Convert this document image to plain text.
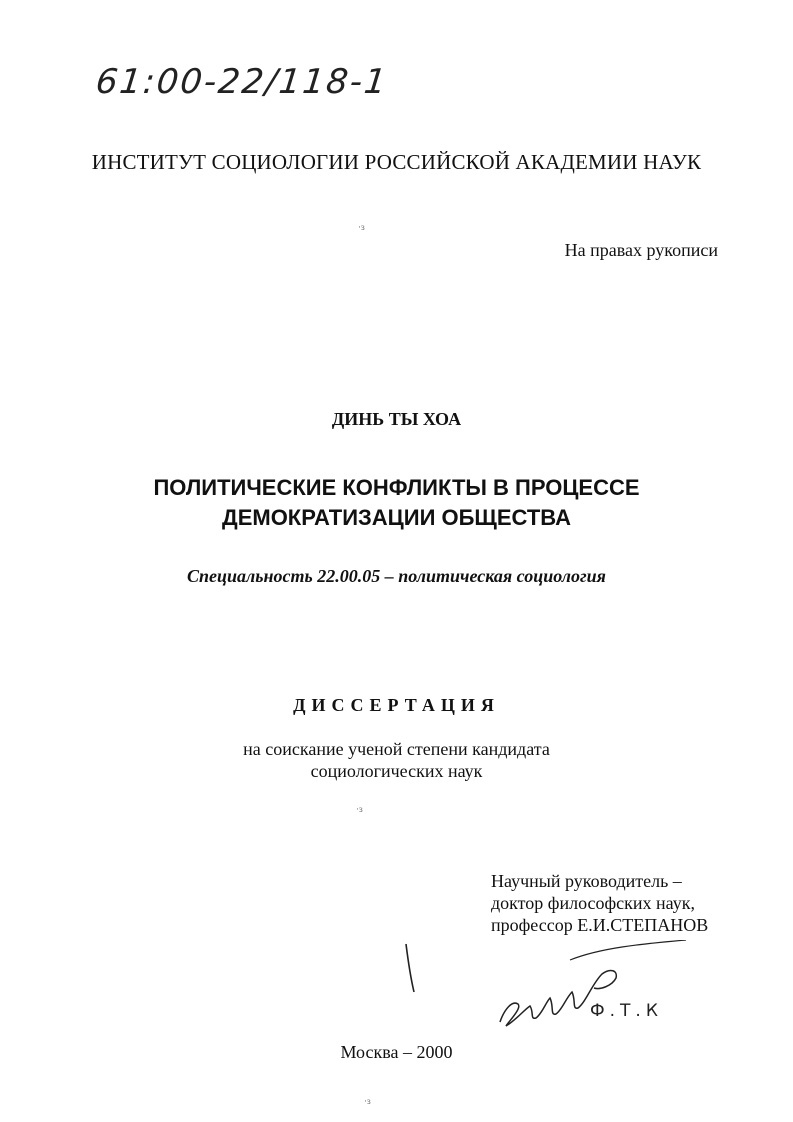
61:00-22/118-1
ИНСТИТУТ СОЦИОЛОГИИ РОССИЙСКОЙ АКАДЕМИИ НАУК
·ɜ
На правах рукописи
ДИНЬ ТЫ ХОА
ПОЛИТИЧЕСКИЕ КОНФЛИКТЫ В ПРОЦЕССЕ
ДЕМОКРАТИЗАЦИИ ОБЩЕСТВА
Специальность 22.00.05 – политическая социология
ДИССЕРТАЦИЯ
на соискание ученой степени кандидата
социологических наук
·ɜ
Научный руководитель –
доктор философских наук,
профессор Е.И.СТЕПАНОВ
Ф.Т.К
Москва – 2000
·ɜ
